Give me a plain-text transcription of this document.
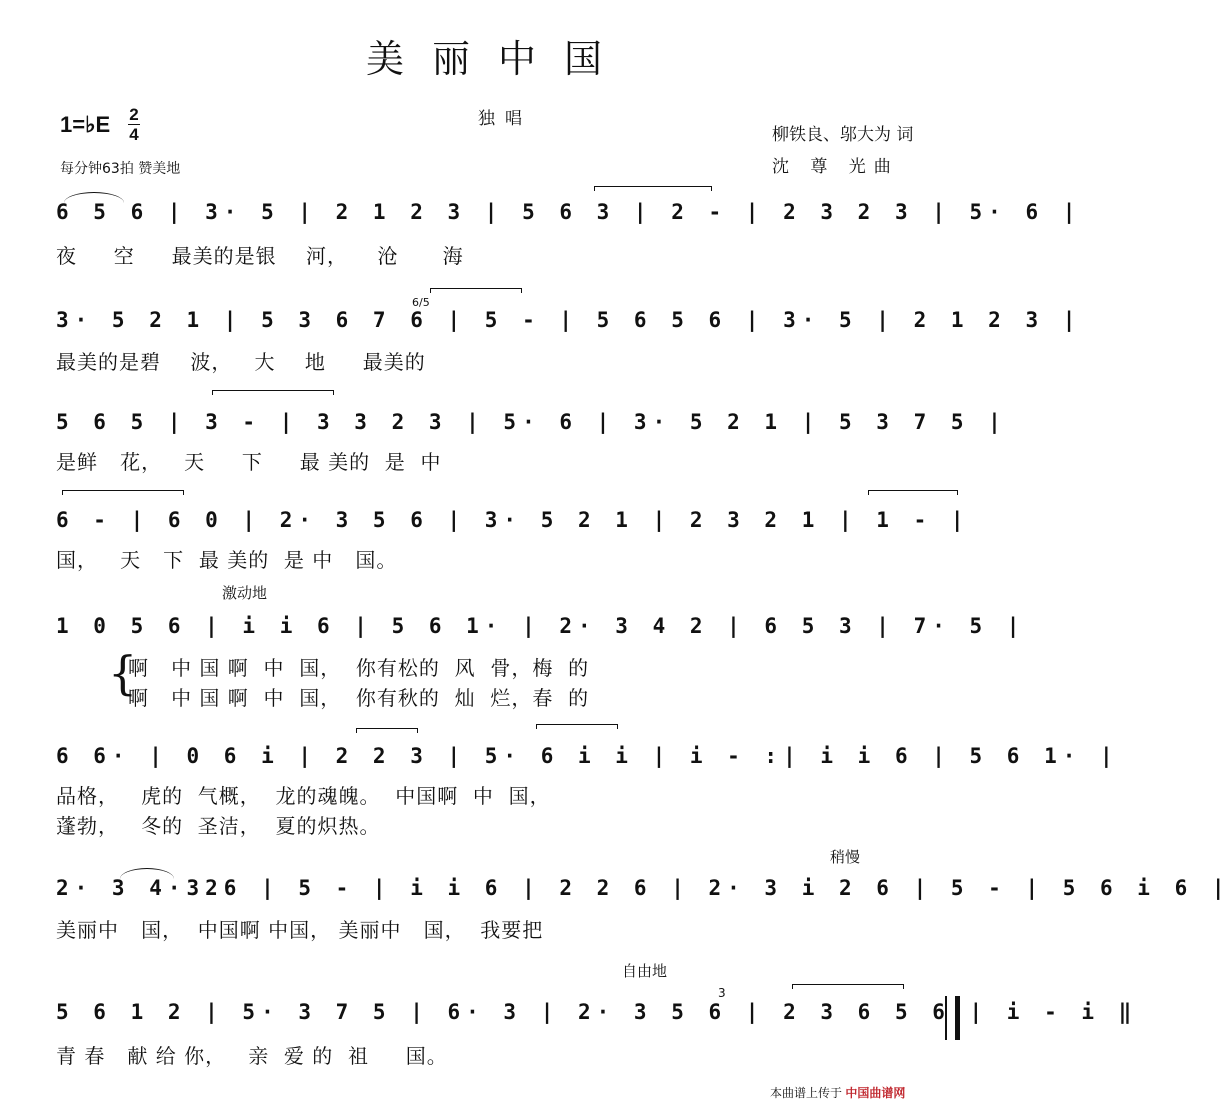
美丽中国
1=♭E 2
4
独唱
柳铁良、邬大为 词
沈 尊 光曲
每分钟63拍 赞美地
6 5 6 | 3· 5 | 2 1 2 3 | 5 6 3 | 2 - | 2 3 2 3 | 5· 6 |
夜     空     最美的是银    河，    沧      海
3· 5 2 1 | 5 3 6 7 6 | 5 - | 5 6 5 6 | 3· 5 | 2 1 2 3 |
最美的是碧    波，   大    地     最美的
6/5
5 6 5 | 3 - | 3 3 2 3 | 5· 6 | 3· 5 2 1 | 5 3 7 5 |
是鲜   花，   天     下     最 美的  是  中
6 - | 6 0 | 2· 3 5 6 | 3· 5 2 1 | 2 3 2 1 | 1 - |
国，   天   下  最 美的  是 中   国。
激动地
1 0 5 6 | i i 6 | 5 6 1· | 2· 3 4 2 | 6 5 3 | 7· 5 |
{
啊   中 国 啊  中  国，  你有松的  风  骨，梅  的
啊   中 国 啊  中  国，  你有秋的  灿  烂，春  的
6 6· | 0 6 i | 2 2 3 | 5· 6 i i | i - :| i i 6 | 5 6 1· |
品格，   虎的  气概，  龙的魂魄。  中国啊  中  国，
蓬勃，   冬的  圣洁，  夏的炽热。
稍慢
2· 3 4·326 | 5 - | i i 6 | 2 2 6 | 2· 3 i 2 6 | 5 - | 5 6 i 6 |
美丽中   国，  中国啊 中国， 美丽中   国，  我要把
自由地
3
5 6 1 2 | 5· 3 7 5 | 6· 3 | 2· 3 5 6 | 2 3 6 5 6 | i - i ‖
青 春   献 给 你，   亲  爱 的  祖     国。
本曲谱上传于 中国曲谱网
